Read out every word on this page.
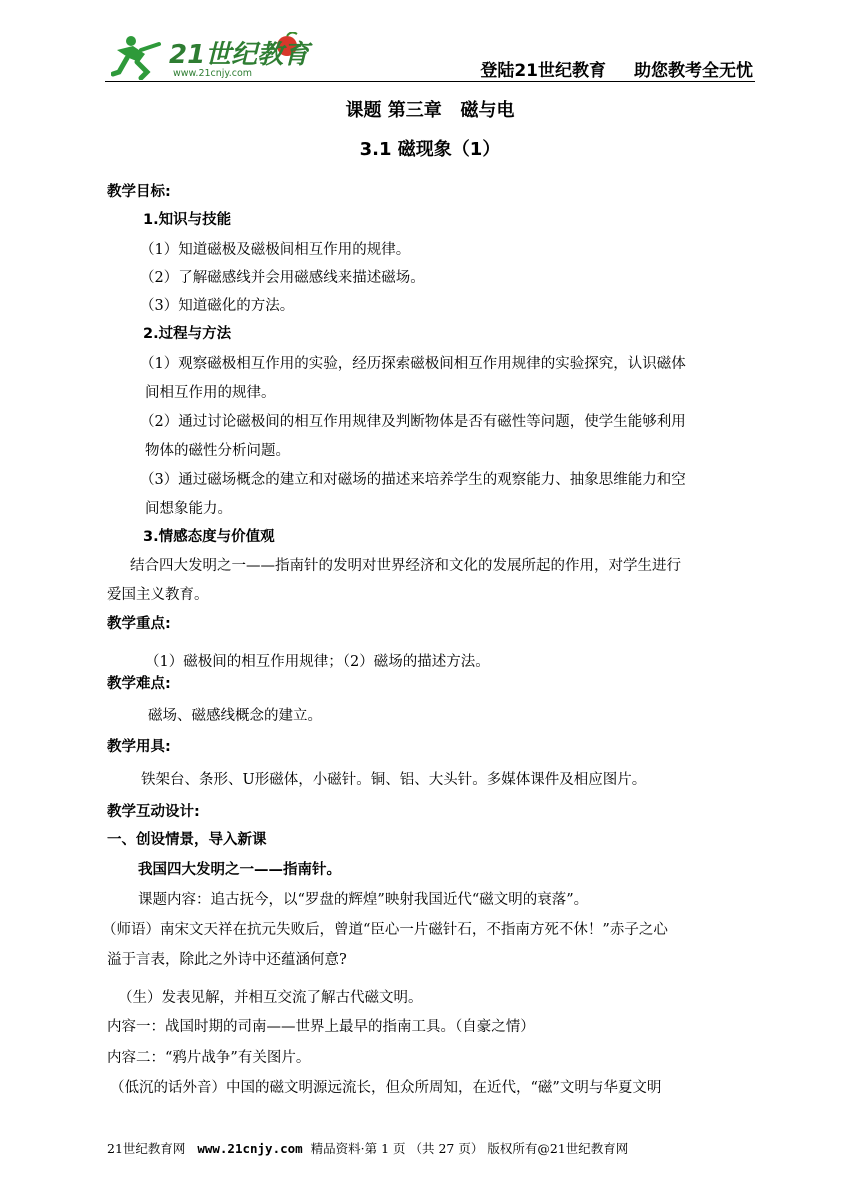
21世纪教育
www.21cnjy.com	登陆21世纪教育 助您教考全无忧
课题 第三章   磁与电
3.1 磁现象（1）
教学目标:
1.知识与技能
（1）知道磁极及磁极间相互作用的规律。
（2）了解磁感线并会用磁感线来描述磁场。
（3）知道磁化的方法。
2.过程与方法
（1）观察磁极相互作用的实验，经历探索磁极间相互作用规律的实验探究，认识磁体
间相互作用的规律。
（2）通过讨论磁极间的相互作用规律及判断物体是否有磁性等问题，使学生能够利用
物体的磁性分析问题。
（3）通过磁场概念的建立和对磁场的描述来培养学生的观察能力、抽象思维能力和空
间想象能力。
3.情感态度与价值观
结合四大发明之一——指南针的发明对世界经济和文化的发展所起的作用，对学生进行
爱国主义教育。
教学重点:
（1）磁极间的相互作用规律；（2）磁场的描述方法。
教学难点:
磁场、磁感线概念的建立。
教学用具:
铁架台、条形、U形磁体，小磁针。铜、铝、大头针。多媒体课件及相应图片。
教学互动设计:
一、创设情景，导入新课
我国四大发明之一——指南针。
课题内容：追古抚今，以“罗盘的辉煌”映射我国近代“磁文明的衰落”。
（师语）南宋文天祥在抗元失败后，曾道“臣心一片磁针石，不指南方死不休！”赤子之心
溢于言表，除此之外诗中还蕴涵何意?
（生）发表见解，并相互交流了解古代磁文明。
内容一：战国时期的司南——世界上最早的指南工具。（自豪之情）
内容二：“鸦片战争”有关图片。
（低沉的话外音）中国的磁文明源远流长，但众所周知，在近代，“磁”文明与华夏文明
21世纪教育网 www.21cnjy.com 精品资料·第 1 页 （共 27 页） 版权所有@21世纪教育网
